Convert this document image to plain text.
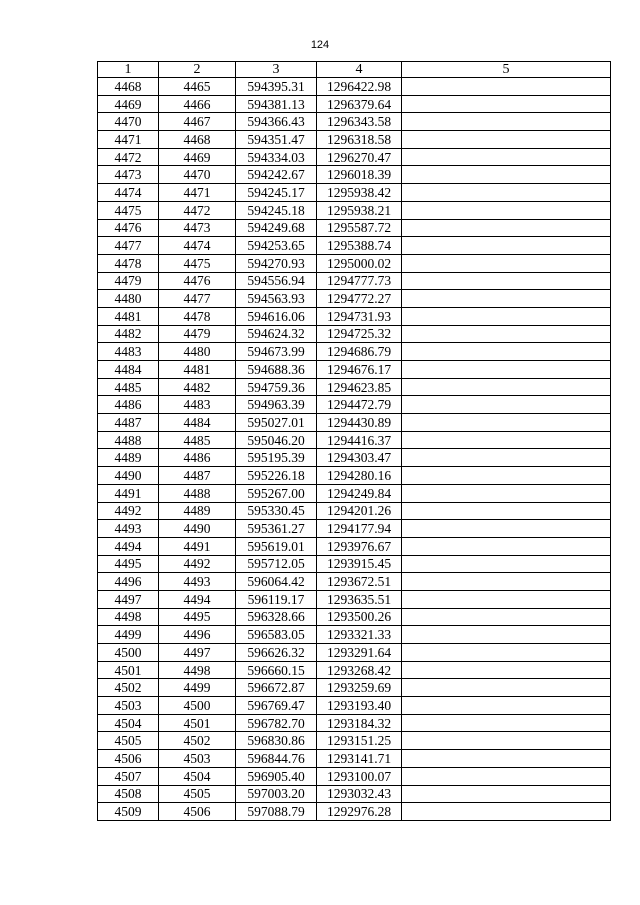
124
1	2	3	4	5
4468	4465	594395.31	1296422.98	
4469	4466	594381.13	1296379.64	
4470	4467	594366.43	1296343.58	
4471	4468	594351.47	1296318.58	
4472	4469	594334.03	1296270.47	
4473	4470	594242.67	1296018.39	
4474	4471	594245.17	1295938.42	
4475	4472	594245.18	1295938.21	
4476	4473	594249.68	1295587.72	
4477	4474	594253.65	1295388.74	
4478	4475	594270.93	1295000.02	
4479	4476	594556.94	1294777.73	
4480	4477	594563.93	1294772.27	
4481	4478	594616.06	1294731.93	
4482	4479	594624.32	1294725.32	
4483	4480	594673.99	1294686.79	
4484	4481	594688.36	1294676.17	
4485	4482	594759.36	1294623.85	
4486	4483	594963.39	1294472.79	
4487	4484	595027.01	1294430.89	
4488	4485	595046.20	1294416.37	
4489	4486	595195.39	1294303.47	
4490	4487	595226.18	1294280.16	
4491	4488	595267.00	1294249.84	
4492	4489	595330.45	1294201.26	
4493	4490	595361.27	1294177.94	
4494	4491	595619.01	1293976.67	
4495	4492	595712.05	1293915.45	
4496	4493	596064.42	1293672.51	
4497	4494	596119.17	1293635.51	
4498	4495	596328.66	1293500.26	
4499	4496	596583.05	1293321.33	
4500	4497	596626.32	1293291.64	
4501	4498	596660.15	1293268.42	
4502	4499	596672.87	1293259.69	
4503	4500	596769.47	1293193.40	
4504	4501	596782.70	1293184.32	
4505	4502	596830.86	1293151.25	
4506	4503	596844.76	1293141.71	
4507	4504	596905.40	1293100.07	
4508	4505	597003.20	1293032.43	
4509	4506	597088.79	1292976.28	
